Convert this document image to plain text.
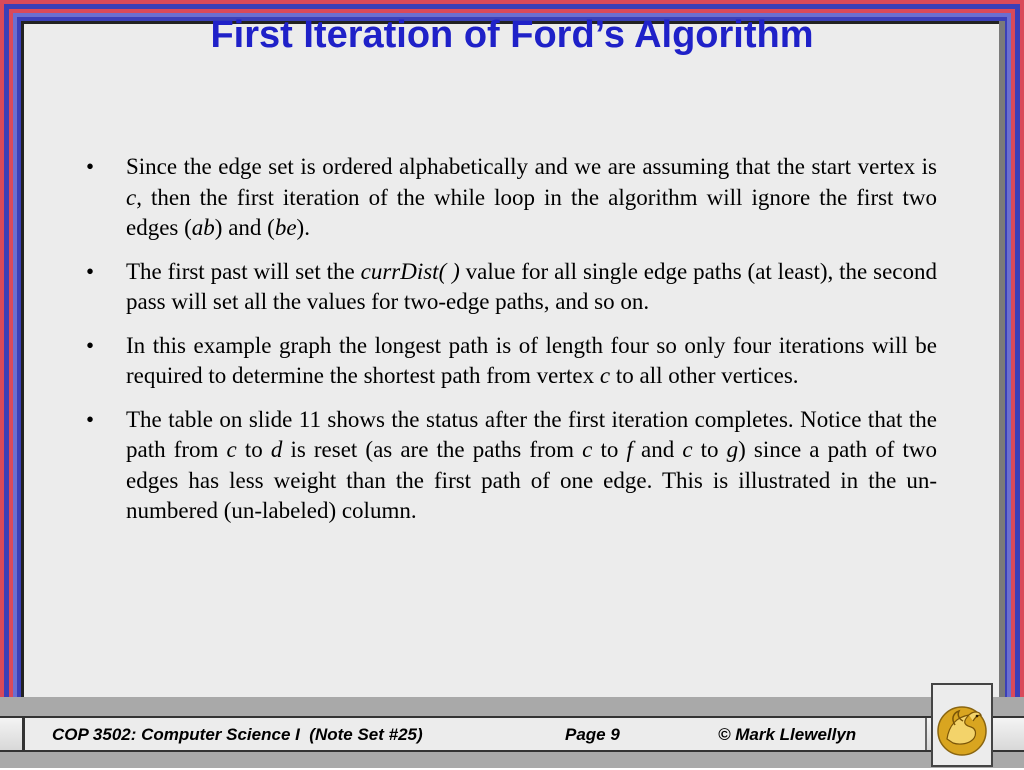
First Iteration of Ford’s Algorithm
• Since the edge set is ordered alphabetically and we are assuming that the start vertex is c, then the first iteration of the while loop in the algorithm will ignore the first two edges (ab) and (be).
• The first past will set the currDist( ) value for all single edge paths (at least), the second pass will set all the values for two-edge paths, and so on.
• In this example graph the longest path is of length four so only four iterations will be required to determine the shortest path from vertex c to all other vertices.
• The table on slide 11 shows the status after the first iteration completes. Notice that the path from c to d is reset (as are the paths from c to f and c to g) since a path of two edges has less weight than the first path of one edge. This is illustrated in the un-numbered (un-labeled) column.
COP 3502: Computer Science I  (Note Set #25)	Page 9	© Mark Llewellyn
